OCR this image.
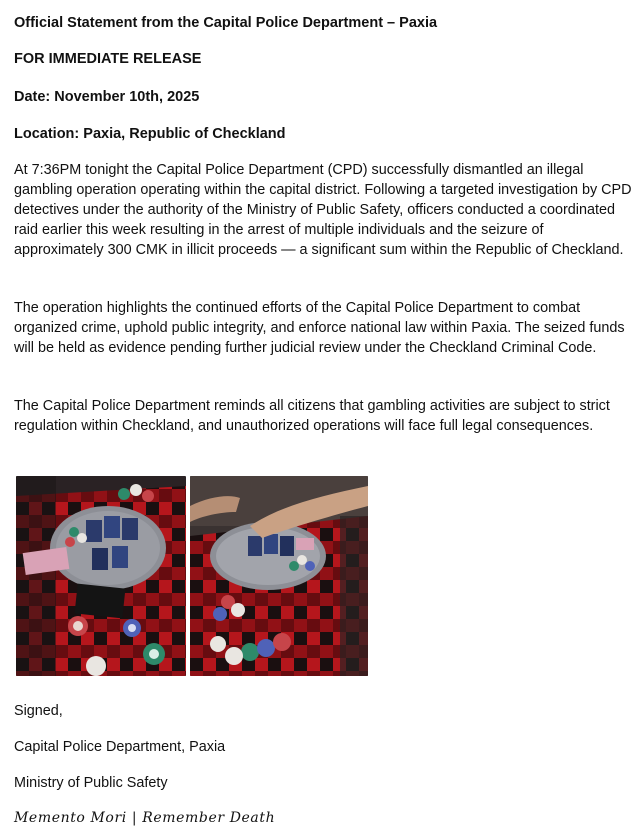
Official Statement from the Capital Police Department – Paxia

FOR IMMEDIATE RELEASE

Date: November 10th, 2025

Location: Paxia, Republic of Checkland

At 7:36PM tonight the Capital Police Department (CPD) successfully dismantled an illegal gambling operation operating within the capital district. Following a targeted investigation by CPD detectives under the authority of the Ministry of Public Safety, officers conducted a coordinated raid earlier this week resulting in the arrest of multiple individuals and the seizure of approximately 300 CMK in illicit proceeds — a significant sum within the Republic of Checkland.

The operation highlights the continued efforts of the Capital Police Department to combat organized crime, uphold public integrity, and enforce national law within Paxia. The seized funds will be held as evidence pending further judicial review under the Checkland Criminal Code.

The Capital Police Department reminds all citizens that gambling activities are subject to strict regulation within Checkland, and unauthorized operations will face full legal consequences.

Signed,

Capital Police Department, Paxia

Ministry of Public Safety

Memento Mori | Remember Death
